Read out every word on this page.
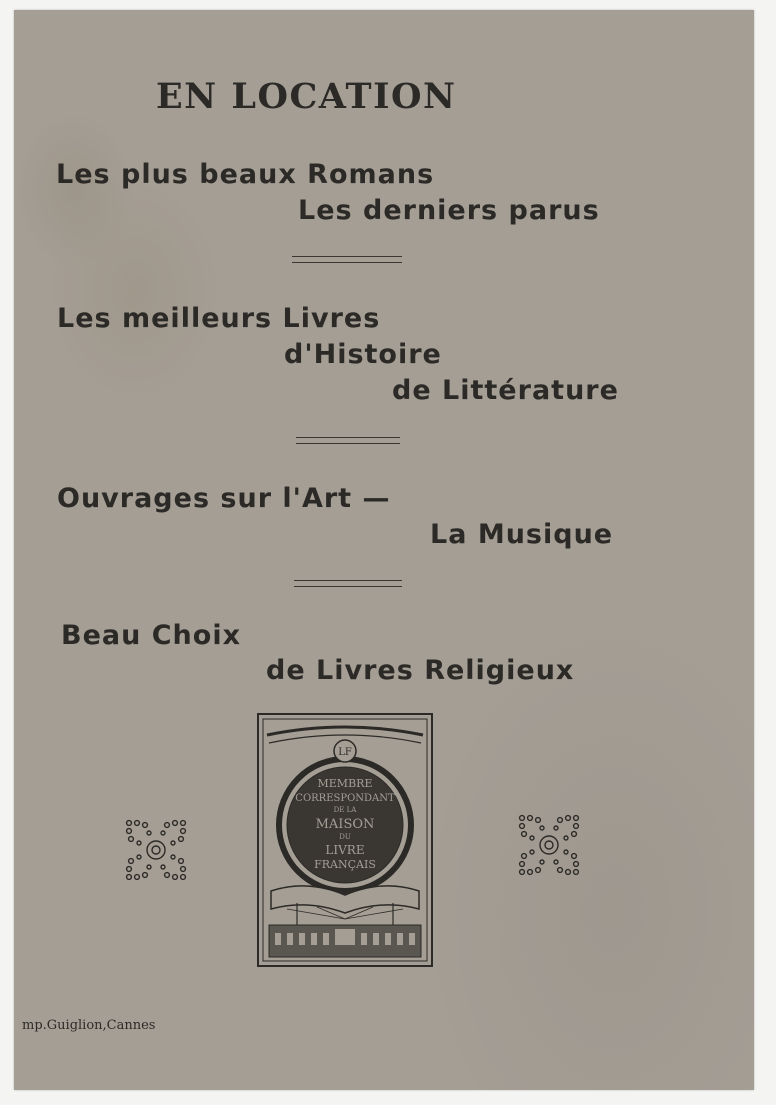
EN LOCATION
Les plus beaux Romans
Les derniers parus
Les meilleurs Livres
d'Histoire
de Littérature
Ouvrages sur l'Art —
La Musique
Beau Choix
de Livres Religieux
LF
MEMBRE
CORRESPONDANT
DE LA
MAISON
DU
LIVRE
FRANÇAIS
mp.Guiglion,Cannes
